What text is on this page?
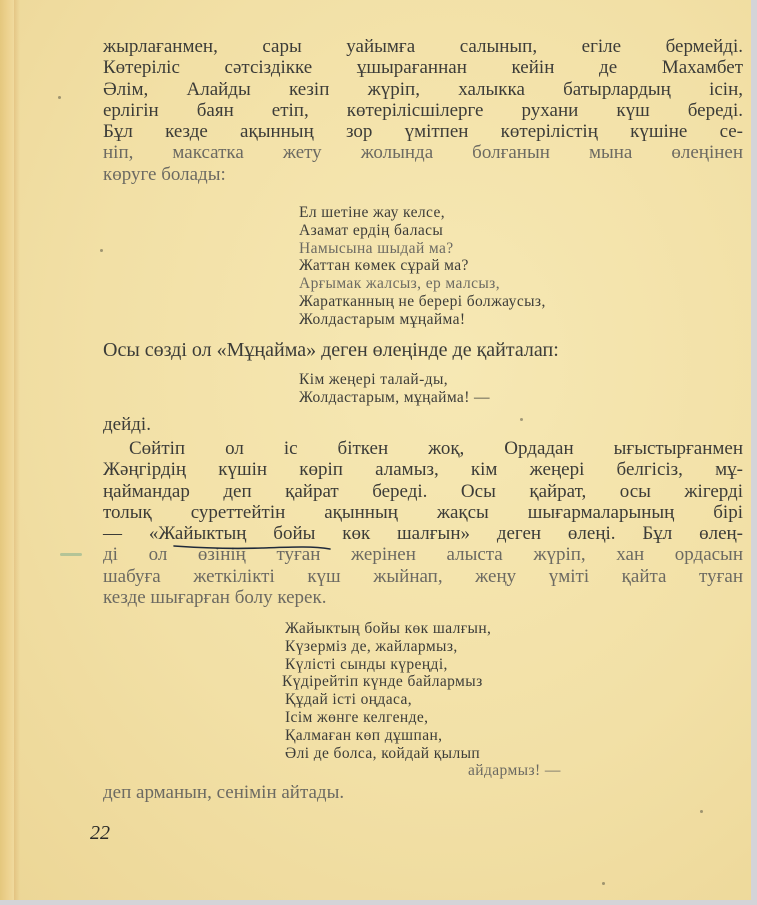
жырлағанмен, сары уайымға салынып, егіле бермейді.
Көтеріліс сәтсіздікке ұшырағаннан кейін де Махамбет
Әлім, Алайды кезіп жүріп, халыкка батырлардың ісін,
ерлігін баян етіп, көтерілісшілерге рухани күш береді.
Бұл кезде ақынның зор үмітпен көтерілістің күшіне се-
ніп, максатка жету жолында болғанын мына өлеңінен
көруге болады:
Ел шетіне жау келсе,
Азамат ердің баласы
Намысына шыдай ма?
Жаттан көмек сұрай ма?
Арғымак жалсыз, ер малсыз,
Жаратканның не берері болжаусыз,
Жолдастарым мұңайма!
Осы сөзді ол «Мұңайма» деген өлеңінде де қайталап:
Кім жеңері талай-ды,
Жолдастарым, мұңайма! —
дейді.
Сөйтіп ол іс біткен жоқ, Ордадан ығыстырғанмен
Жәңгірдің күшін көріп аламыз, кім жеңері белгісіз, мұ-
ңаймандар деп қайрат береді. Осы қайрат, осы жігерді
толық суреттейтін ақынның жақсы шығармаларының бірі
— «Жайыктың бойы көк шалғын» деген өлеңі. Бұл өлең-
ді ол өзінің туған жерінен алыста жүріп, хан ордасын
шабуға жеткілікті күш жыйнап, жеңу үміті қайта туған
кезде шығарған болу керек.
Жайыктың бойы көк шалғын,
Күзерміз де, жайлармыз,
Күлісті сынды күреңді,
Күдірейтіп күнде байлармыз
Құдай істі оңдаса,
Ісім жөнге келгенде,
Қалмаған көп дұшпан,
Әлі де болса, койдай қылып
айдармыз! —
деп арманын, сенімін айтады.
22
